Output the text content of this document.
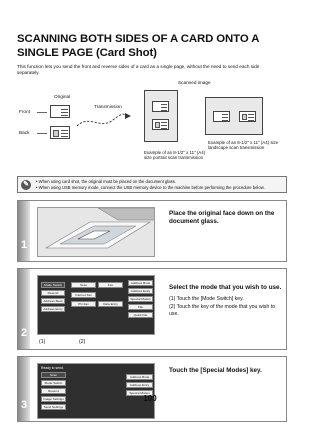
SCANNING BOTH SIDES OF A CARD ONTO A SINGLE PAGE (Card Shot)
This function lets you send the front and reverse sides of a card as a single page, without the need to send each side separately.
Original
Transmission
Scanned image
Front
Back
Example of an 8-1/2" x 11" (A4) size portrait scan transmission
Example of an 8-1/2" x 11" (A4) size landscape scan transmission
✎	• When using card shot, the original must be placed on the document glass.
• When using USB memory mode, connect the USB memory device to the machine before performing the procedure below.
1
Place the original face down on the document glass.
2
Mode Switch
Resend
Address Book
Address Entry
Scan	Fax
Internet Fax
PC-Fax	Data Entry
Address Book
Address Entry
Special Modes
File
Quick File
(1)	(2)
Select the mode that you wish to use.
(1) Touch the [Mode Switch] key.
(2) Touch the key of the mode that you wish to use.
3
Ready to send.
Scan
Mode Switch
Resend
Image Settings
Send Settings
Address Book
Address Entry
Special Modes
Touch the [Special Modes] key.
100
